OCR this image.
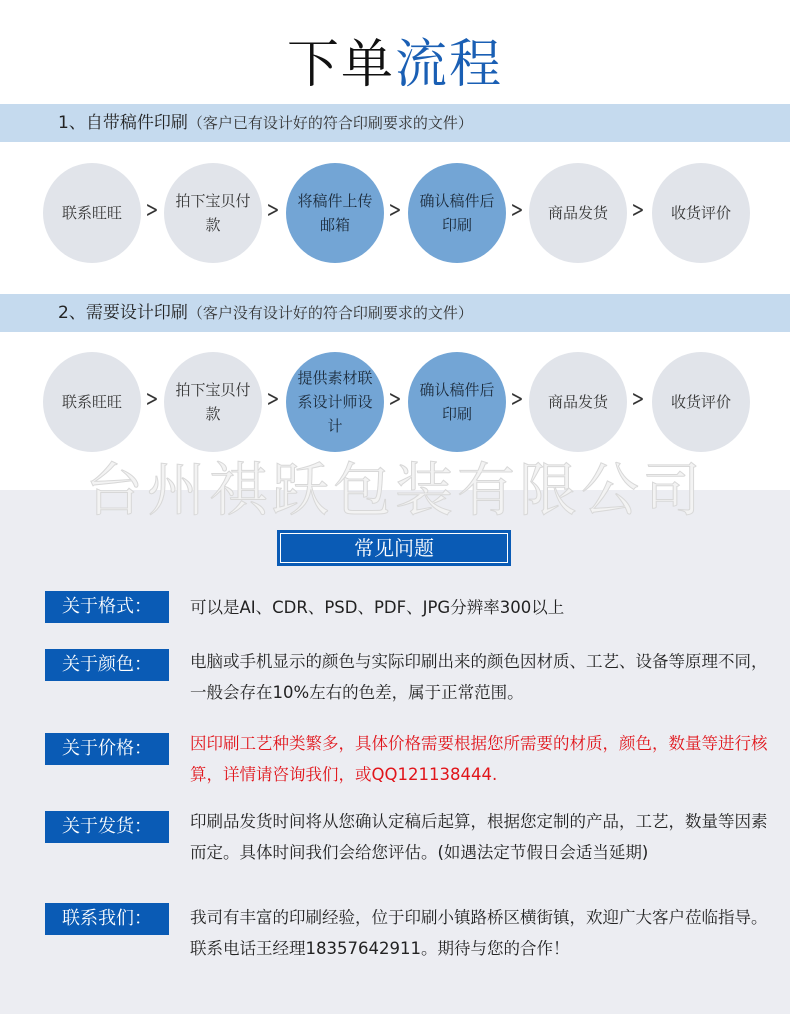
下单流程
1、自带稿件印刷（客户已有设计好的符合印刷要求的文件）
联系旺旺	>	拍下宝贝付款
>	将稿件上传邮箱
>	确认稿件后印刷
>	商品发货	>	收货评价
2、需要设计印刷（客户没有设计好的符合印刷要求的文件）
联系旺旺	>	拍下宝贝付款
>
提供素材联系设计师设计
>	确认稿件后印刷
>	商品发货	>	收货评价
台州祺跃包装有限公司
常见问题
关于格式：	可以是AI、CDR、PSD、PDF、JPG分辨率300以上
关于颜色：	电脑或手机显示的颜色与实际印刷出来的颜色因材质、工艺、设备等原理不同，一般会存在10%左右的色差，属于正常范围。
关于价格：	因印刷工艺种类繁多，具体价格需要根据您所需要的材质，颜色，数量等进行核算，详情请咨询我们，或QQ121138444.
关于发货：	印刷品发货时间将从您确认定稿后起算，根据您定制的产品，工艺，数量等因素而定。具体时间我们会给您评估。(如遇法定节假日会适当延期)
联系我们：	我司有丰富的印刷经验，位于印刷小镇路桥区横街镇，欢迎广大客户莅临指导。联系电话王经理18357642911。期待与您的合作！
